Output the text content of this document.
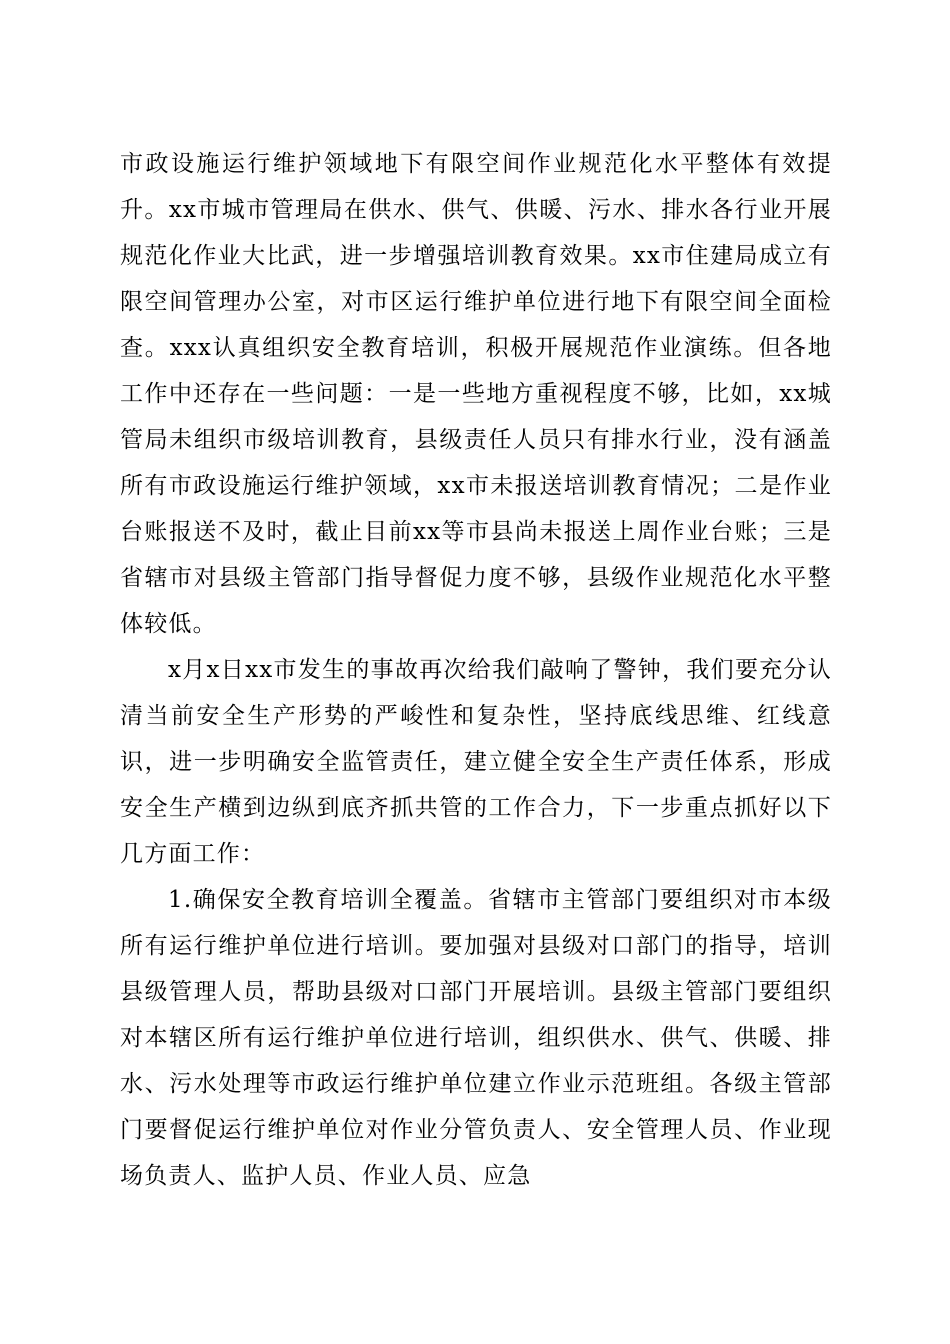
市政设施运行维护领域地下有限空间作业规范化水平整体有效提升。xx市城市管理局在供水、供气、供暖、污水、排水各行业开展规范化作业大比武，进一步增强培训教育效果。xx市住建局成立有限空间管理办公室，对市区运行维护单位进行地下有限空间全面检查。xxx认真组织安全教育培训，积极开展规范作业演练。但各地工作中还存在一些问题：一是一些地方重视程度不够，比如，xx城管局未组织市级培训教育，县级责任人员只有排水行业，没有涵盖所有市政设施运行维护领域，xx市未报送培训教育情况；二是作业台账报送不及时，截止目前xx等市县尚未报送上周作业台账；三是省辖市对县级主管部门指导督促力度不够，县级作业规范化水平整体较低。

x月x日xx市发生的事故再次给我们敲响了警钟，我们要充分认清当前安全生产形势的严峻性和复杂性，坚持底线思维、红线意识，进一步明确安全监管责任，建立健全安全生产责任体系，形成安全生产横到边纵到底齐抓共管的工作合力，下一步重点抓好以下几方面工作：

1.确保安全教育培训全覆盖。省辖市主管部门要组织对市本级所有运行维护单位进行培训。要加强对县级对口部门的指导，培训县级管理人员，帮助县级对口部门开展培训。县级主管部门要组织对本辖区所有运行维护单位进行培训，组织供水、供气、供暖、排水、污水处理等市政运行维护单位建立作业示范班组。各级主管部门要督促运行维护单位对作业分管负责人、安全管理人员、作业现场负责人、监护人员、作业人员、应急
